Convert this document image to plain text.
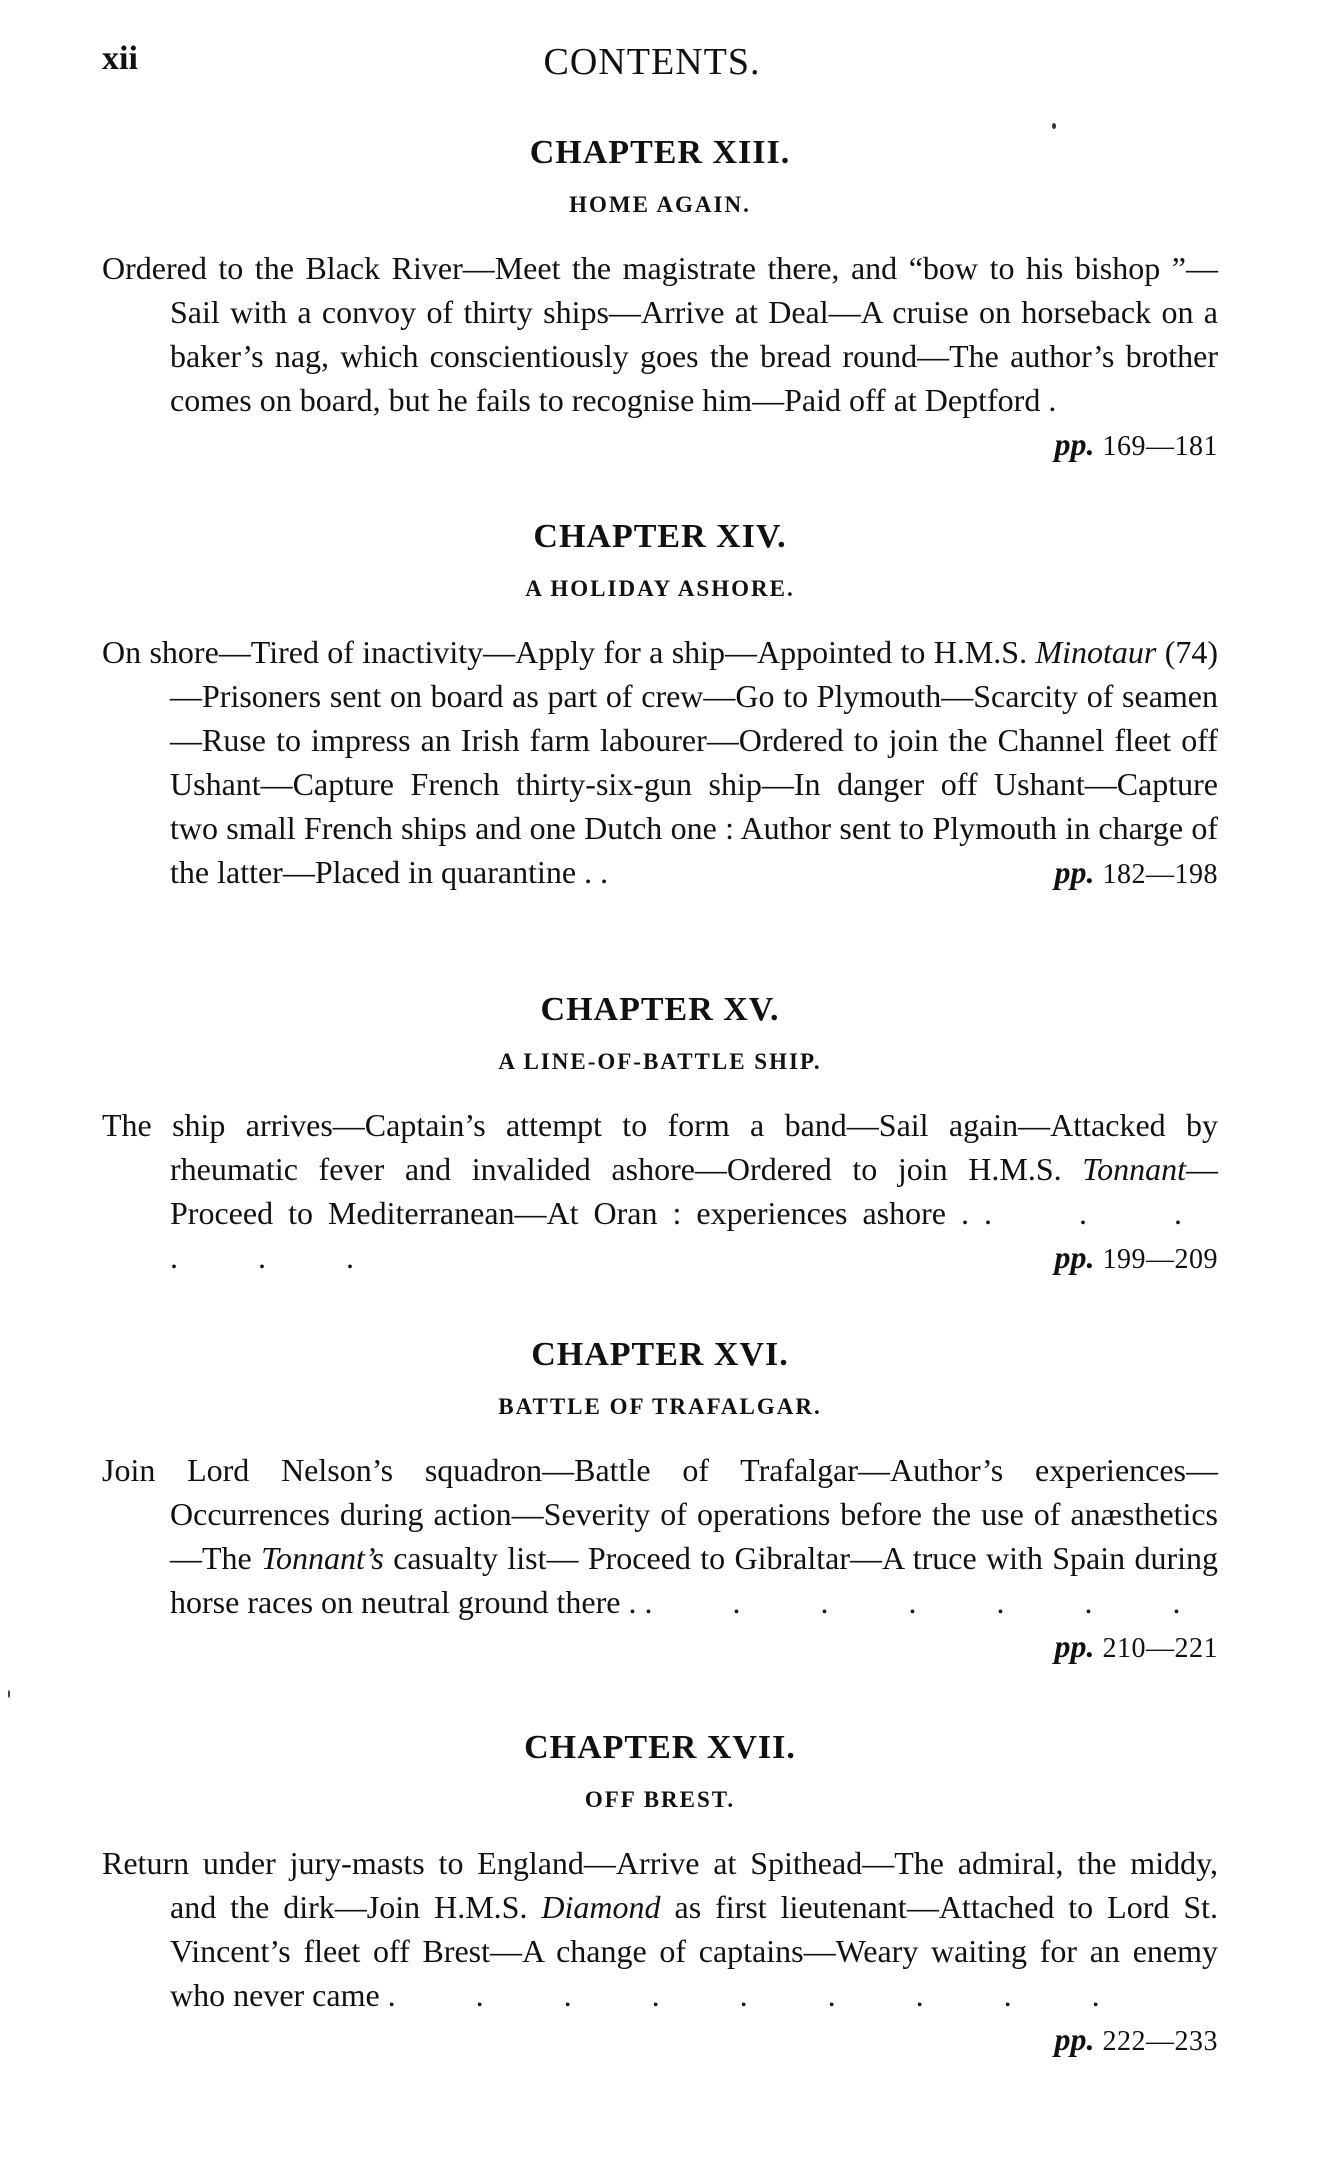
xii	CONTENTS.
CHAPTER XIII.
HOME AGAIN.

Ordered to the Black River—Meet the magistrate there, and “bow to his bishop ”—Sail with a convoy of thirty ships—Arrive at Deal—A cruise on horseback on a baker’s nag, which conscientiously goes the bread round—The author’s brother comes on board, but he fails to recognise him—Paid off at Deptford .
pp. 169—181

CHAPTER XIV.
A HOLIDAY ASHORE.

On shore—Tired of inactivity—Apply for a ship—Appointed to H.M.S. Minotaur (74)—Prisoners sent on board as part of crew—Go to Plymouth—Scarcity of seamen—Ruse to impress an Irish farm labourer—Ordered to join the Channel fleet off Ushant—Capture French thirty-six-gun ship—In danger off Ushant—Capture two small French ships and one Dutch one : Author sent to Plymouth in charge of the latter—Placed in quarantine . .	pp. 182—198

CHAPTER XV.
A LINE-OF-BATTLE SHIP.

The ship arrives—Captain’s attempt to form a band—Sail again—Attacked by rheumatic fever and invalided ashore—Ordered to join H.M.S. Tonnant—Proceed to Mediterranean—At Oran : experiences ashore . . . . . . .	pp. 199—209

CHAPTER XVI.
BATTLE OF TRAFALGAR.

Join Lord Nelson’s squadron—Battle of Trafalgar—Author’s experiences—Occurrences during action—Severity of operations before the use of anæsthetics—The Tonnant’s casualty list— Proceed to Gibraltar—A truce with Spain during horse races on neutral ground there . . . . . . . .
pp. 210—221

CHAPTER XVII.
OFF BREST.

Return under jury-masts to England—Arrive at Spithead—The admiral, the middy, and the dirk—Join H.M.S. Diamond as first lieutenant—Attached to Lord St. Vincent’s fleet off Brest—A change of captains—Weary waiting for an enemy who never came . . . . . . . . .
pp. 222—233
